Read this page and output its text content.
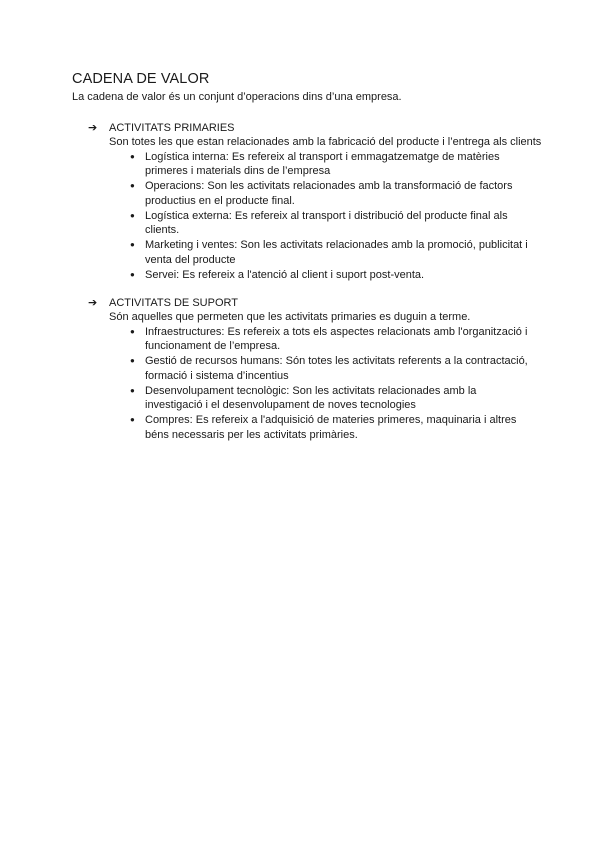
CADENA DE VALOR

La cadena de valor és un conjunt d’operacions dins d’una empresa.

➔ ACTIVITATS PRIMARIES

Son totes les que estan relacionades amb la fabricació del producte i l’entrega als clients

● Logística interna: Es refereix al transport i emmagatzematge de matèries primeres i materials dins de l’empresa
● Operacions: Son les activitats relacionades amb la transformació de factors productius en el producte final.
● Logística externa: Es refereix al transport i distribució del producte final als clients.
● Marketing i ventes: Son les activitats relacionades amb la promoció, publicitat i venta del producte
● Servei: Es refereix a l'atenció al client i suport post-venta.
➔ ACTIVITATS DE SUPORT

Són aquelles que permeten que les activitats primaries es duguin a terme.

● Infraestructures: Es refereix a tots els aspectes relacionats amb l'organització i funcionament de l’empresa.
● Gestió de recursos humans: Són totes les activitats referents a la contractació, formació i sistema d’incentius
● Desenvolupament tecnològic: Son les activitats relacionades amb la investigació i el desenvolupament de noves tecnologies
● Compres: Es refereix a l'adquisició de materies primeres, maquinaria i altres béns necessaris per les activitats primàries.
